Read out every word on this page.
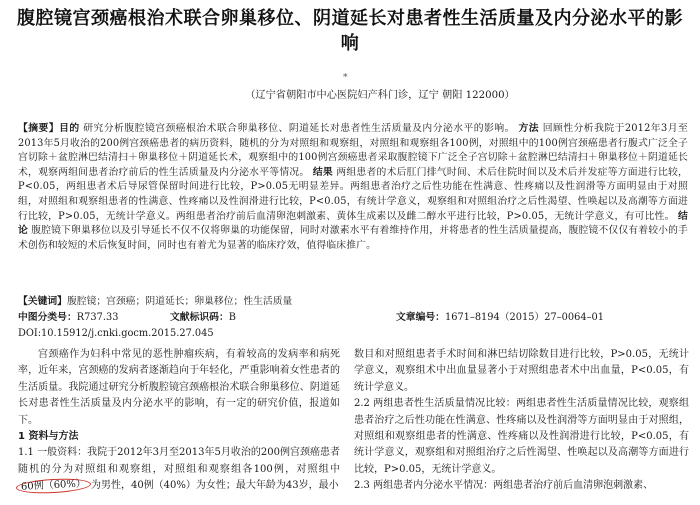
腹腔镜宫颈癌根治术联合卵巢移位、阴道延长对患者性生活质量及内分泌水平的影响
*
（辽宁省朝阳市中心医院妇产科门诊，辽宁 朝阳 122000）
【摘要】目的 研究分析腹腔镜宫颈癌根治术联合卵巢移位、阴道延长对患者性生活质量及内分泌水平的影响。 方法 回顾性分析我院于2012年3月至2013年5月收治的200例宫颈癌患者的病历资料，随机的分为对照组和观察组，对照组和观察组各100例，对照组中的100例宫颈癌患者行腹式广泛全子宫切除＋盆腔淋巴结清扫＋卵巢移位＋阴道延长术，观察组中的100例宫颈癌患者采取腹腔镜下广泛全子宫切除＋盆腔淋巴结清扫＋卵巢移位＋阴道延长术，观察两组间患者治疗前后的性生活质量及内分泌水平等情况。 结果 两组患者的术后肛门排气时间、术后住院时间以及术后并发症等方面进行比较，P<0.05，两组患者术后导尿管保留时间进行比较，P>0.05无明显差异。两组患者治疗之后性功能在性满意、性疼痛以及性润滑等方面明显由于对照组，对照组和观察组患者的性满意、性疼痛以及性润滑进行比较，P<0.05，有统计学意义，观察组和对照组治疗之后性渴望、性唤起以及高潮等方面进行比较，P>0.05，无统计学意义。两组患者治疗前后血清卵泡刺激素、黄体生成素以及雌二醇水平进行比较，P>0.05，无统计学意义，有可比性。 结论 腹腔镜下卵巢移位以及引导延长不仅不仅将卵巢的功能保留，同时对激素水平有着维持作用，并将患者的性生活质量提高，腹腔镜不仅仅有着较小的手术创伤和较短的术后恢复时间，同时也有着尤为显著的临床疗效，值得临床推广。
【关键词】腹腔镜；宫颈癌；阴道延长；卵巢移位；性生活质量
中图分类号：R737.33	文献标识码：B	文章编号：1671–8194（2015）27–0064–01
DOI:10.15912/j.cnki.gocm.2015.27.045

宫颈癌作为妇科中常见的恶性肿瘤疾病，有着较高的发病率和病死率，近年来，宫颈癌的发病者逐渐趋向于年轻化，严重影响着女性患者的生活质量。我院通过研究分析腹腔镜宫颈癌根治术联合卵巢移位、阴道延长对患者性生活质量及内分泌水平的影响，有一定的研究价值，报道如下。

1 资料与方法

1.1 一般资料：我院于2012年3月至2013年5月收治的200例宫颈癌患者随机的分为对照组和观察组，对照组和观察组各100例，对照组中60例（60%） 为男性，40例（40%）为女性；最大年龄为43岁，最小

数目和对照组患者手术时间和淋巴结切除数目进行比较，P>0.05，无统计学意义，观察组术中出血量显著小于对照组患者术中出血量，P<0.05，有统计学意义。

2.2 两组患者性生活质量情况比较：两组患者性生活质量情况比较，观察组患者治疗之后性功能在性满意、性疼痛以及性润滑等方面明显由于对照组，对照组和观察组患者的性满意、性疼痛以及性润滑进行比较，P<0.05，有统计学意义，观察组和对照组治疗之后性渴望、性唤起以及高潮等方面进行比较，P>0.05，无统计学意义。

2.3 两组患者内分泌水平情况：两组患者治疗前后血清卵泡刺激素、
